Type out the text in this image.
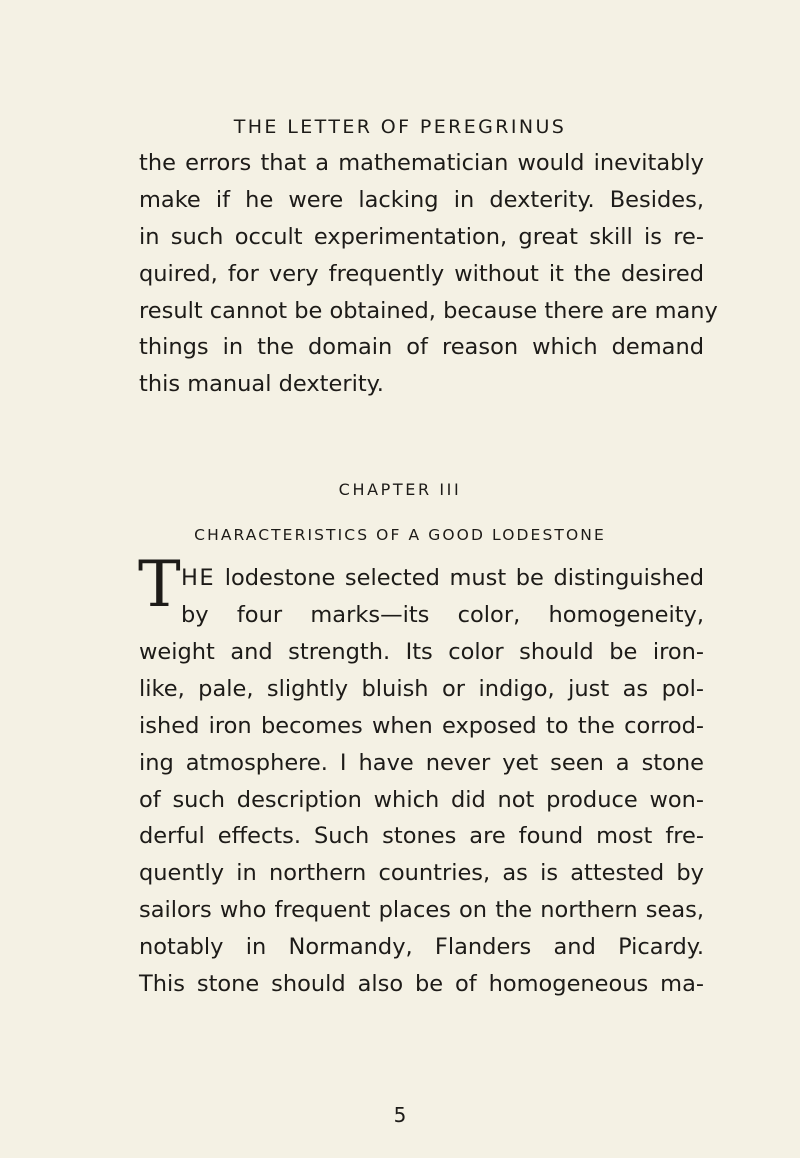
THE LETTER OF PEREGRINUS
the errors that a mathematician would inevitably
make if he were lacking in dexterity. Besides,
in such occult experimentation, great skill is re-
quired, for very frequently without it the desired
result cannot be obtained, because there are many
things in the domain of reason which demand
this manual dexterity.
CHAPTER III
CHARACTERISTICS OF A GOOD LODESTONE
T HE lodestone selected must be distinguished
by four marks—its color, homogeneity,
weight and strength. Its color should be iron-
like, pale, slightly bluish or indigo, just as pol-
ished iron becomes when exposed to the corrod-
ing atmosphere. I have never yet seen a stone
of such description which did not produce won-
derful effects. Such stones are found most fre-
quently in northern countries, as is attested by
sailors who frequent places on the northern seas,
notably in Normandy, Flanders and Picardy.
This stone should also be of homogeneous ma-
5
